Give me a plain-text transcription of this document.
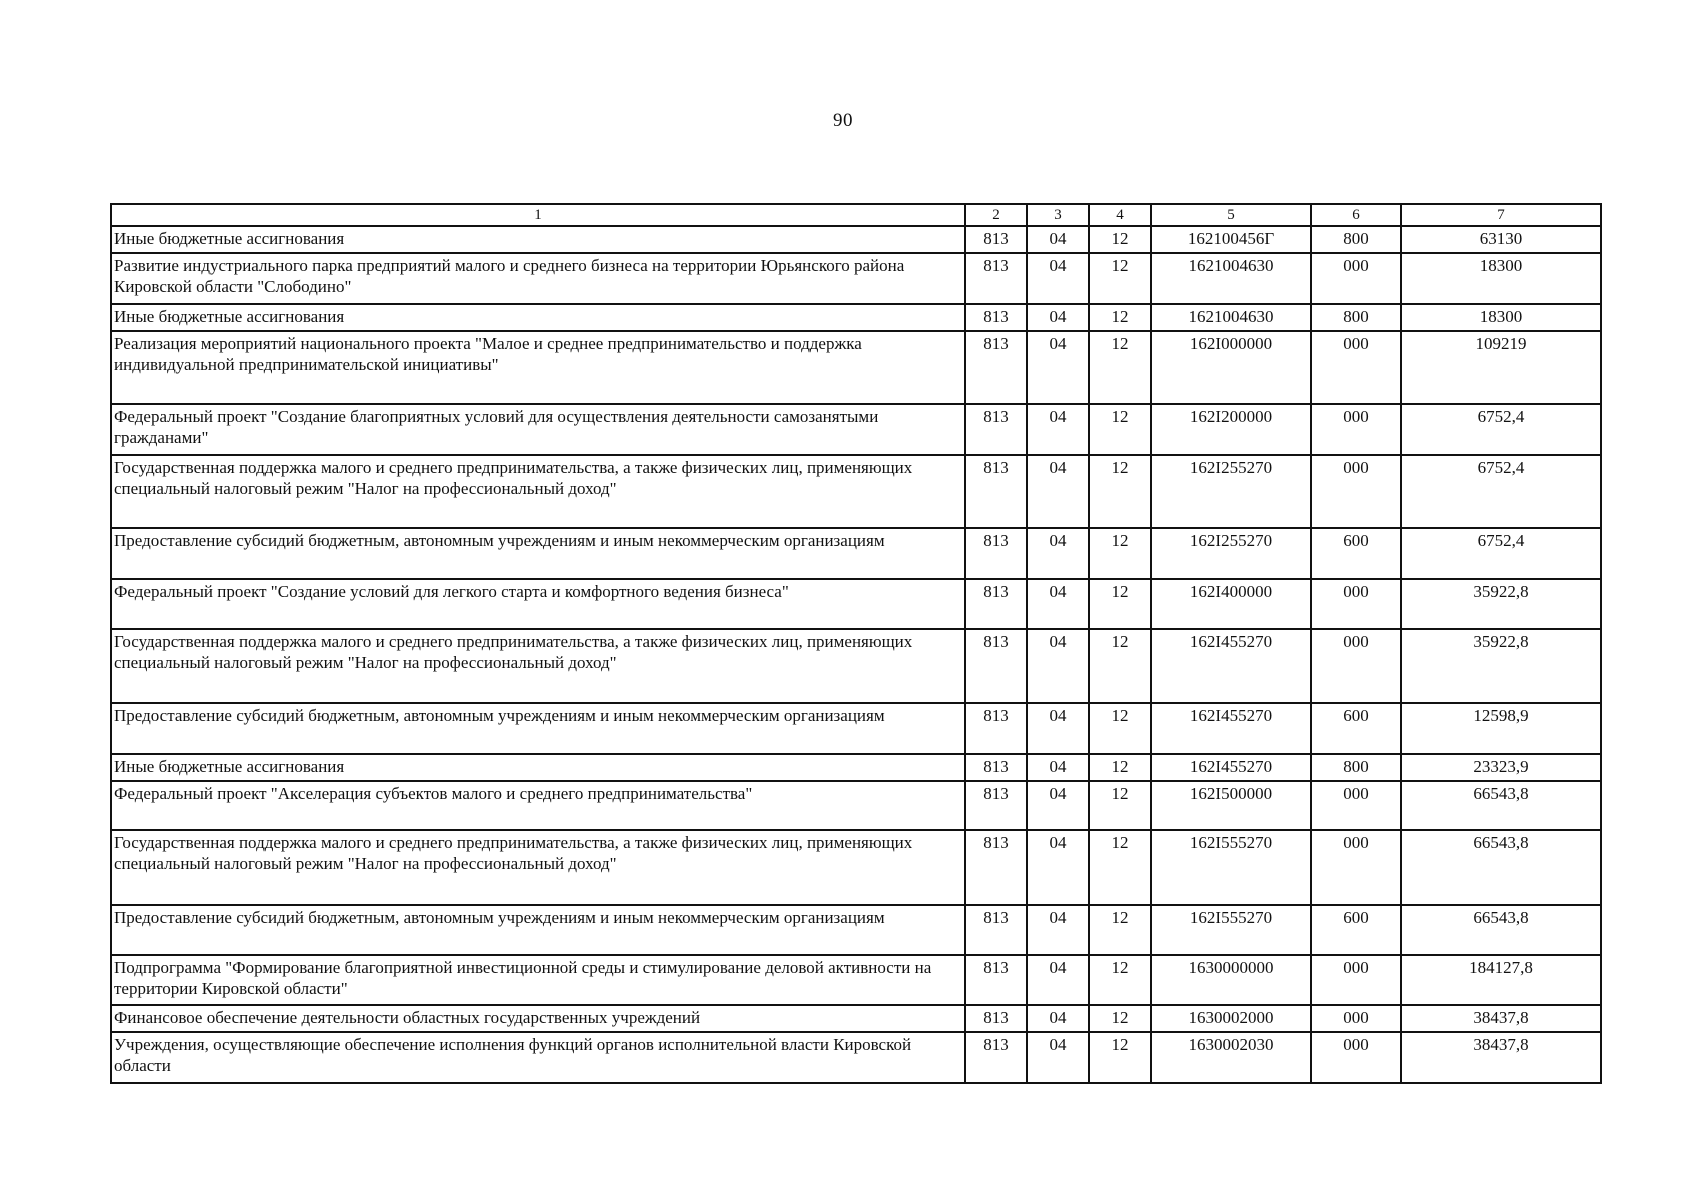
90
1	2	3	4	5	6	7
Иные бюджетные ассигнования	813	04	12	162100456Г	800	63130
Развитие индустриального парка предприятий малого и среднего бизнеса на территории Юрьянского района Кировской области "Слободино"	813	04	12	1621004630	000	18300
Иные бюджетные ассигнования	813	04	12	1621004630	800	18300
Реализация мероприятий национального проекта "Малое и среднее предпринимательство и поддержка индивидуальной предпринимательской инициативы"	813	04	12	162I000000	000	109219
Федеральный проект "Создание благоприятных условий для осуществления деятельности самозанятыми гражданами"	813	04	12	162I200000	000	6752,4
Государственная поддержка малого и среднего предпринимательства, а также физических лиц, применяющих специальный налоговый режим "Налог на профессиональный доход"	813	04	12	162I255270	000	6752,4
Предоставление субсидий бюджетным, автономным учреждениям и иным некоммерческим организациям	813	04	12	162I255270	600	6752,4
Федеральный проект "Создание условий для легкого старта и комфортного ведения бизнеса"	813	04	12	162I400000	000	35922,8
Государственная поддержка малого и среднего предпринимательства, а также физических лиц, применяющих специальный налоговый режим "Налог на профессиональный доход"	813	04	12	162I455270	000	35922,8
Предоставление субсидий бюджетным, автономным учреждениям и иным некоммерческим организациям	813	04	12	162I455270	600	12598,9
Иные бюджетные ассигнования	813	04	12	162I455270	800	23323,9
Федеральный проект "Акселерация субъектов малого и среднего предпринимательства"	813	04	12	162I500000	000	66543,8
Государственная поддержка малого и среднего предпринимательства, а также физических лиц, применяющих специальный налоговый режим "Налог на профессиональный доход"	813	04	12	162I555270	000	66543,8
Предоставление субсидий бюджетным, автономным учреждениям и иным некоммерческим организациям	813	04	12	162I555270	600	66543,8
Подпрограмма "Формирование благоприятной инвестиционной среды и стимулирование деловой активности на территории Кировской области"	813	04	12	1630000000	000	184127,8
Финансовое обеспечение деятельности областных государственных учреждений	813	04	12	1630002000	000	38437,8
Учреждения, осуществляющие обеспечение исполнения функций органов исполнительной власти Кировской области	813	04	12	1630002030	000	38437,8
